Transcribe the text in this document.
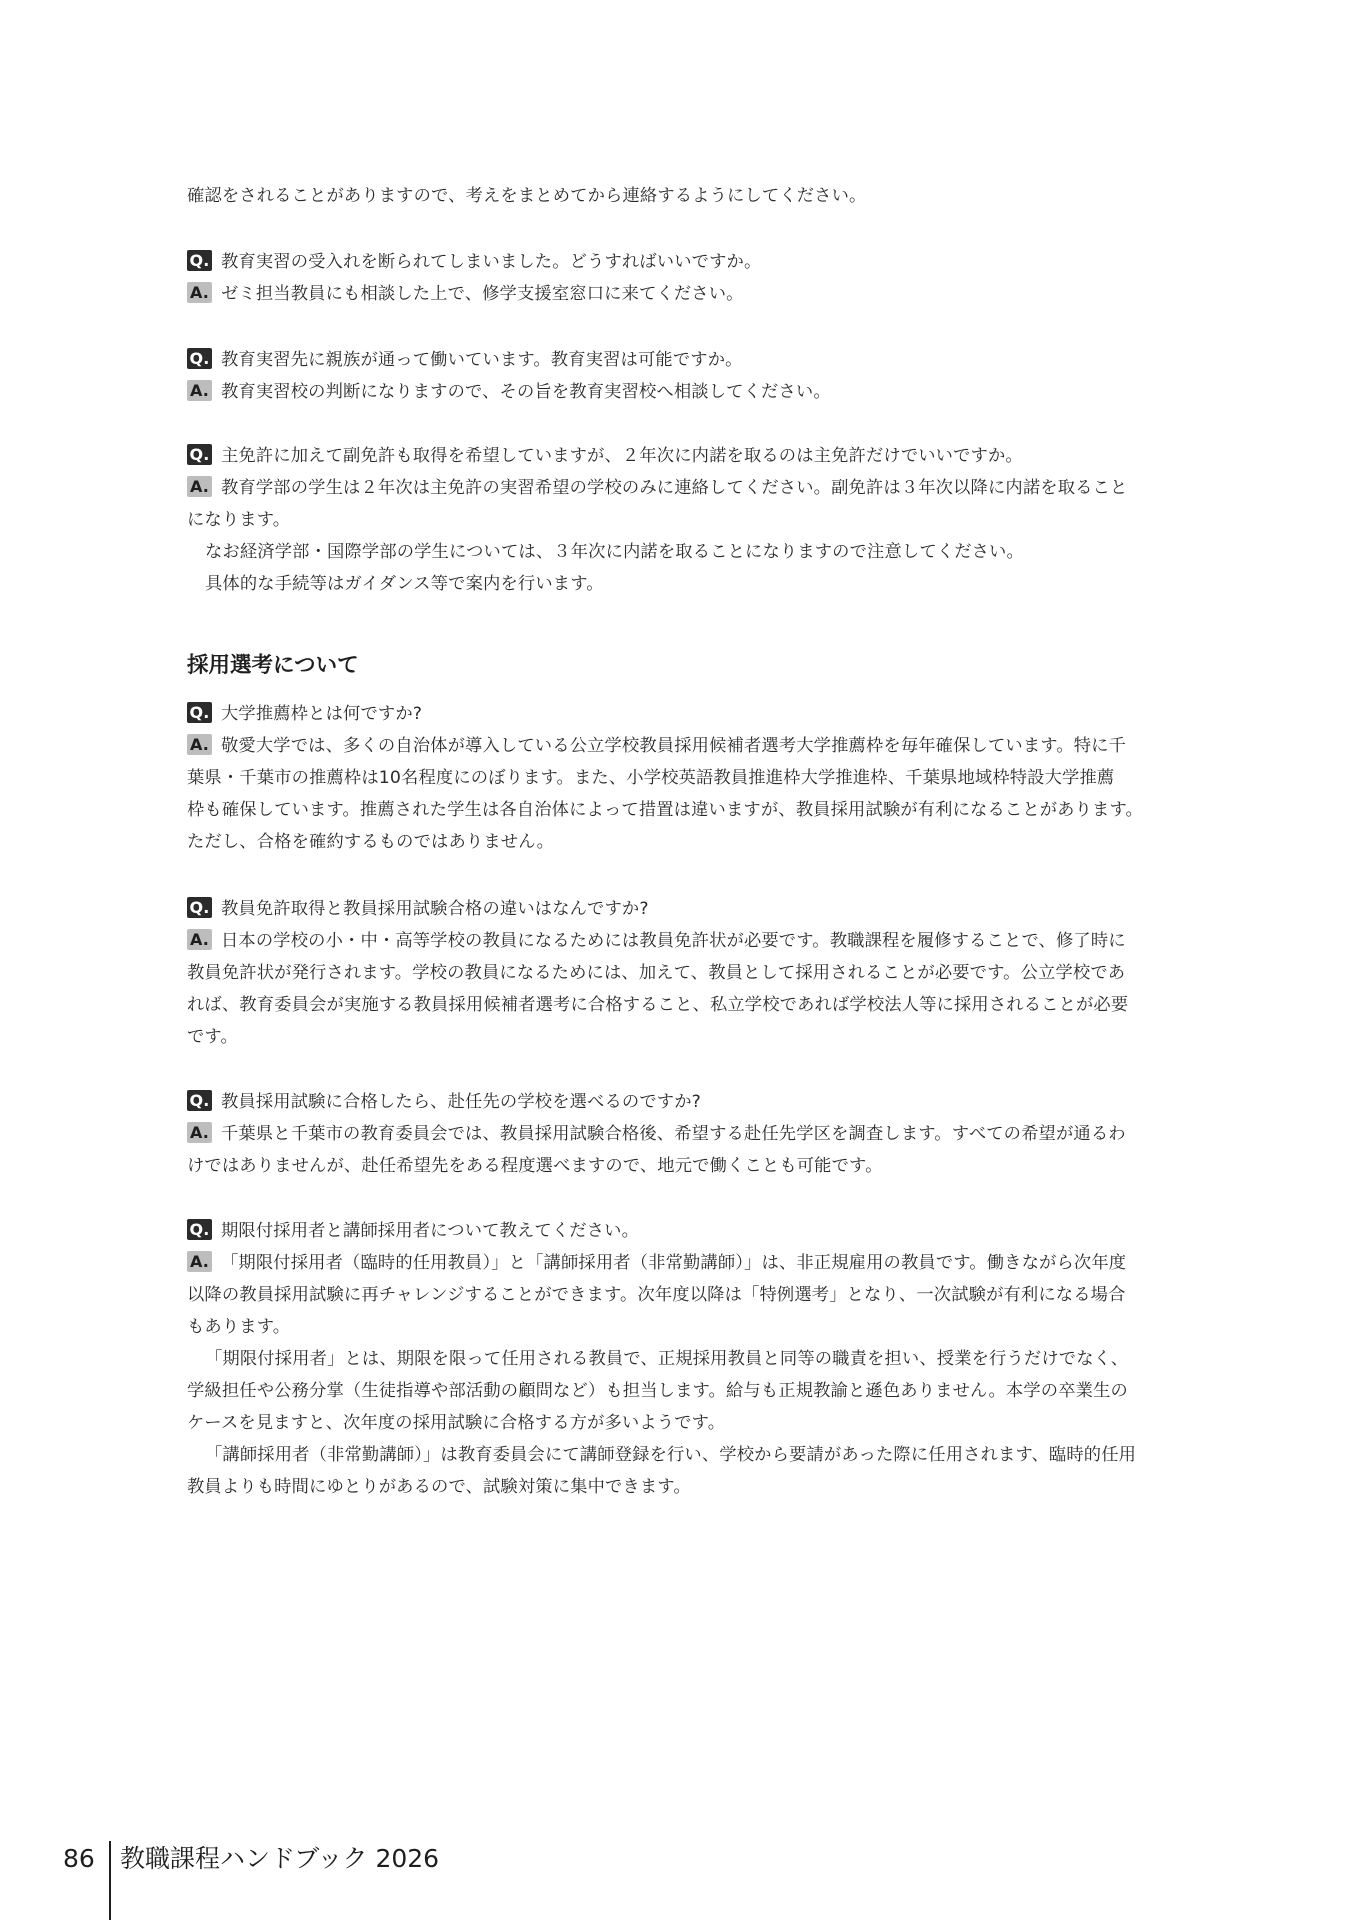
確認をされることがありますので、考えをまとめてから連絡するようにしてください。
Q. 教育実習の受入れを断られてしまいました。どうすればいいですか。
A. ゼミ担当教員にも相談した上で、修学支援室窓口に来てください。
Q. 教育実習先に親族が通って働いています。教育実習は可能ですか。
A. 教育実習校の判断になりますので、その旨を教育実習校へ相談してください。
Q. 主免許に加えて副免許も取得を希望していますが、２年次に内諾を取るのは主免許だけでいいですか。
A. 教育学部の学生は２年次は主免許の実習希望の学校のみに連絡してください。副免許は３年次以降に内諾を取ること
になります。
なお経済学部・国際学部の学生については、３年次に内諾を取ることになりますので注意してください。
具体的な手続等はガイダンス等で案内を行います。
採用選考について
Q. 大学推薦枠とは何ですか?
A. 敬愛大学では、多くの自治体が導入している公立学校教員採用候補者選考大学推薦枠を毎年確保しています。特に千
葉県・千葉市の推薦枠は10名程度にのぼります。また、小学校英語教員推進枠大学推進枠、千葉県地域枠特設大学推薦
枠も確保しています。推薦された学生は各自治体によって措置は違いますが、教員採用試験が有利になることがあります。
ただし、合格を確約するものではありません。
Q. 教員免許取得と教員採用試験合格の違いはなんですか?
A. 日本の学校の小・中・高等学校の教員になるためには教員免許状が必要です。教職課程を履修することで、修了時に
教員免許状が発行されます。学校の教員になるためには、加えて、教員として採用されることが必要です。公立学校であ
れば、教育委員会が実施する教員採用候補者選考に合格すること、私立学校であれば学校法人等に採用されることが必要
です。
Q. 教員採用試験に合格したら、赴任先の学校を選べるのですか?
A. 千葉県と千葉市の教育委員会では、教員採用試験合格後、希望する赴任先学区を調査します。すべての希望が通るわ
けではありませんが、赴任希望先をある程度選べますので、地元で働くことも可能です。
Q. 期限付採用者と講師採用者について教えてください。
A. 「期限付採用者（臨時的任用教員）」と「講師採用者（非常勤講師）」は、非正規雇用の教員です。働きながら次年度
以降の教員採用試験に再チャレンジすることができます。次年度以降は「特例選考」となり、一次試験が有利になる場合
もあります。
「期限付採用者」とは、期限を限って任用される教員で、正規採用教員と同等の職責を担い、授業を行うだけでなく、
学級担任や公務分掌（生徒指導や部活動の顧問など）も担当します。給与も正規教諭と遜色ありません。本学の卒業生の
ケースを見ますと、次年度の採用試験に合格する方が多いようです。
「講師採用者（非常勤講師）」は教育委員会にて講師登録を行い、学校から要請があった際に任用されます、臨時的任用
教員よりも時間にゆとりがあるので、試験対策に集中できます。
86 教職課程ハンドブック 2026
